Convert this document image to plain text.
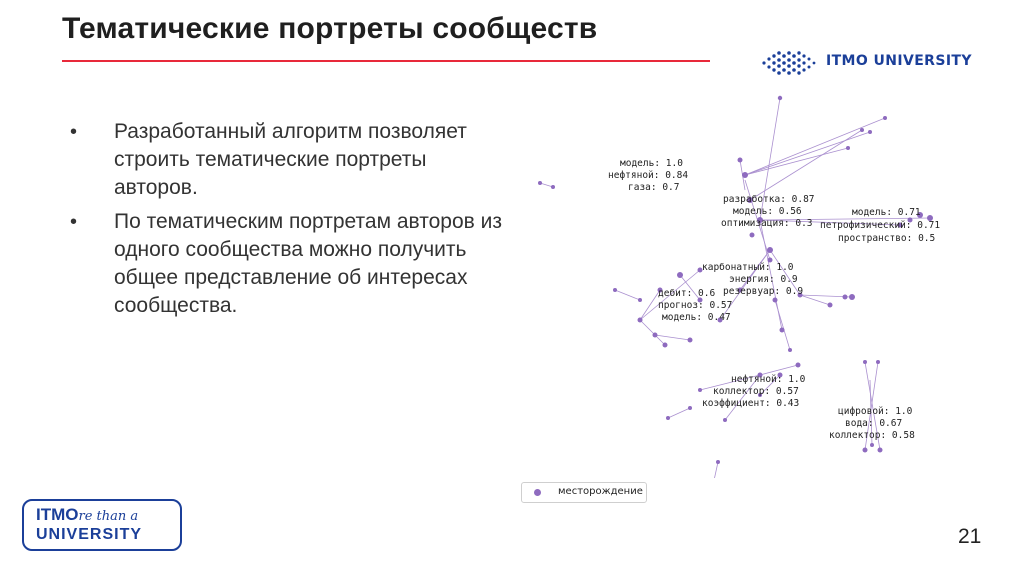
Тематические портреты сообществ
ITMO UNIVERSITY
• Разработанный алгоритм позволяет строить тематические портреты авторов.
• По тематическим портретам авторов из одного сообщества можно получить общее представление об интересах сообщества.
модель: 1.0
нефтяной: 0.84
газа: 0.7
разработка: 0.87
модель: 0.56
оптимизация: 0.3
модель: 0.71
петрофизический: 0.71
пространство: 0.5
карбонатный: 1.0
энергия: 0.9
резервуар: 0.9
дебит: 0.6
прогноз: 0.57
модель: 0.47
нефтяной: 1.0
коллектор: 0.57
коэффициент: 0.43
цифровой: 1.0
вода: 0.67
коллектор: 0.58
месторождение
ITMOre than a
UNIVERSITY	21
